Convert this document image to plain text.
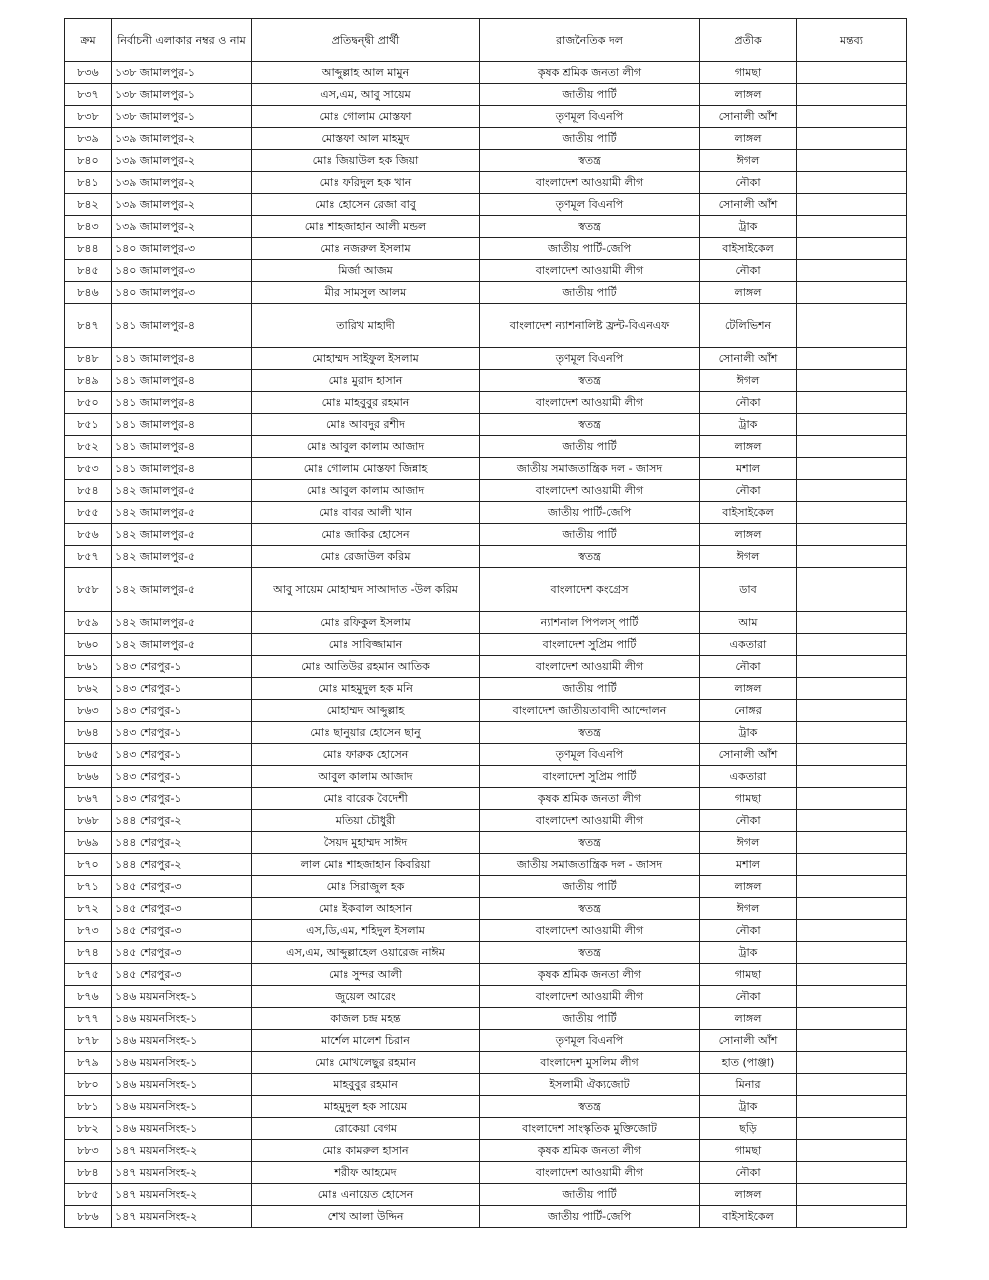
ক্রম	নির্বাচনী এলাকার নম্বর ও নাম	প্রতিদ্বন্দ্বী প্রার্থী	রাজনৈতিক দল	প্রতীক	মন্তব্য
৮৩৬	১৩৮ জামালপুর-১	আব্দুল্লাহ আল মামুন	কৃষক শ্রমিক জনতা লীগ	গামছা	
৮৩৭	১৩৮ জামালপুর-১	এস,এম, আবু সায়েম	জাতীয় পার্টি	লাঙ্গল	
৮৩৮	১৩৮ জামালপুর-১	মোঃ গোলাম মোস্তফা	তৃণমূল বিএনপি	সোনালী আঁশ	
৮৩৯	১৩৯ জামালপুর-২	মোস্তফা আল মাহমুদ	জাতীয় পার্টি	লাঙ্গল	
৮৪০	১৩৯ জামালপুর-২	মোঃ জিয়াউল হক জিয়া	স্বতন্ত্র	ঈগল	
৮৪১	১৩৯ জামালপুর-২	মোঃ ফরিদুল হক খান	বাংলাদেশ আওয়ামী লীগ	নৌকা	
৮৪২	১৩৯ জামালপুর-২	মোঃ হোসেন রেজা বাবু	তৃণমূল বিএনপি	সোনালী আঁশ	
৮৪৩	১৩৯ জামালপুর-২	মোঃ শাহজাহান আলী মন্ডল	স্বতন্ত্র	ট্রাক	
৮৪৪	১৪০ জামালপুর-৩	মোঃ নজরুল ইসলাম	জাতীয় পার্টি-জেপি	বাইসাইকেল	
৮৪৫	১৪০ জামালপুর-৩	মির্জা আজম	বাংলাদেশ আওয়ামী লীগ	নৌকা	
৮৪৬	১৪০ জামালপুর-৩	মীর সামসুল আলম	জাতীয় পার্টি	লাঙ্গল	
৮৪৭	১৪১ জামালপুর-৪	তারিখ মাহাদী	বাংলাদেশ ন্যাশনালিষ্ট ফ্রন্ট-বিএনএফ	টেলিভিশন	
৮৪৮	১৪১ জামালপুর-৪	মোহাম্মদ সাইফুল ইসলাম	তৃণমূল বিএনপি	সোনালী আঁশ	
৮৪৯	১৪১ জামালপুর-৪	মোঃ মুরাদ হাসান	স্বতন্ত্র	ঈগল	
৮৫০	১৪১ জামালপুর-৪	মোঃ মাহবুবুর রহমান	বাংলাদেশ আওয়ামী লীগ	নৌকা	
৮৫১	১৪১ জামালপুর-৪	মোঃ আবদুর রশীদ	স্বতন্ত্র	ট্রাক	
৮৫২	১৪১ জামালপুর-৪	মোঃ আবুল কালাম আজাদ	জাতীয় পার্টি	লাঙ্গল	
৮৫৩	১৪১ জামালপুর-৪	মোঃ গোলাম মোস্তফা জিন্নাহ	জাতীয় সমাজতান্ত্রিক দল - জাসদ	মশাল	
৮৫৪	১৪২ জামালপুর-৫	মোঃ আবুল কালাম আজাদ	বাংলাদেশ আওয়ামী লীগ	নৌকা	
৮৫৫	১৪২ জামালপুর-৫	মোঃ বাবর আলী খান	জাতীয় পার্টি-জেপি	বাইসাইকেল	
৮৫৬	১৪২ জামালপুর-৫	মোঃ জাকির হোসেন	জাতীয় পার্টি	লাঙ্গল	
৮৫৭	১৪২ জামালপুর-৫	মোঃ রেজাউল করিম	স্বতন্ত্র	ঈগল	
৮৫৮	১৪২ জামালপুর-৫	আবু সায়েম মোহাম্মদ সাআদাত -উল করিম	বাংলাদেশ কংগ্রেস	ডাব	
৮৫৯	১৪২ জামালপুর-৫	মোঃ রফিকুল ইসলাম	ন্যাশনাল পিপলস্ পার্টি	আম	
৮৬০	১৪২ জামালপুর-৫	মোঃ সাবিজ্জামান	বাংলাদেশ সুপ্রিম পার্টি	একতারা	
৮৬১	১৪৩ শেরপুর-১	মোঃ আতিউর রহমান আতিক	বাংলাদেশ আওয়ামী লীগ	নৌকা	
৮৬২	১৪৩ শেরপুর-১	মোঃ মাহমুদুল হক মনি	জাতীয় পার্টি	লাঙ্গল	
৮৬৩	১৪৩ শেরপুর-১	মোহাম্মদ আব্দুল্লাহ	বাংলাদেশ জাতীয়তাবাদী আন্দোলন	নোঙ্গর	
৮৬৪	১৪৩ শেরপুর-১	মোঃ ছানুয়ার হোসেন ছানু	স্বতন্ত্র	ট্রাক	
৮৬৫	১৪৩ শেরপুর-১	মোঃ ফারুক হোসেন	তৃণমূল বিএনপি	সোনালী আঁশ	
৮৬৬	১৪৩ শেরপুর-১	আবুল কালাম আজাদ	বাংলাদেশ সুপ্রিম পার্টি	একতারা	
৮৬৭	১৪৩ শেরপুর-১	মোঃ বারেক বৈদেশী	কৃষক শ্রমিক জনতা লীগ	গামছা	
৮৬৮	১৪৪ শেরপুর-২	মতিয়া চৌধুরী	বাংলাদেশ আওয়ামী লীগ	নৌকা	
৮৬৯	১৪৪ শেরপুর-২	সৈয়দ মুহাম্মদ সাঈদ	স্বতন্ত্র	ঈগল	
৮৭০	১৪৪ শেরপুর-২	লাল মোঃ শাহজাহান কিবরিয়া	জাতীয় সমাজতান্ত্রিক দল - জাসদ	মশাল	
৮৭১	১৪৫ শেরপুর-৩	মোঃ সিরাজুল হক	জাতীয় পার্টি	লাঙ্গল	
৮৭২	১৪৫ শেরপুর-৩	মোঃ ইকবাল আহসান	স্বতন্ত্র	ঈগল	
৮৭৩	১৪৫ শেরপুর-৩	এস,ডি,এম, শহিদুল ইসলাম	বাংলাদেশ আওয়ামী লীগ	নৌকা	
৮৭৪	১৪৫ শেরপুর-৩	এস,এম, আব্দুল্লাহেল ওয়ারেজ নাঈম	স্বতন্ত্র	ট্রাক	
৮৭৫	১৪৫ শেরপুর-৩	মোঃ সুন্দর আলী	কৃষক শ্রমিক জনতা লীগ	গামছা	
৮৭৬	১৪৬ ময়মনসিংহ-১	জুয়েল আরেং	বাংলাদেশ আওয়ামী লীগ	নৌকা	
৮৭৭	১৪৬ ময়মনসিংহ-১	কাজল চন্দ্র মহন্ত	জাতীয় পার্টি	লাঙ্গল	
৮৭৮	১৪৬ ময়মনসিংহ-১	মার্শেল মালেশ চিরান	তৃণমূল বিএনপি	সোনালী আঁশ	
৮৭৯	১৪৬ ময়মনসিংহ-১	মোঃ মোখলেছুর রহমান	বাংলাদেশ মুসলিম লীগ	হাত (পাঞ্জা)	
৮৮০	১৪৬ ময়মনসিংহ-১	মাহবুবুর রহমান	ইসলামী ঐক্যজোট	মিনার	
৮৮১	১৪৬ ময়মনসিংহ-১	মাহমুদুল হক সায়েম	স্বতন্ত্র	ট্রাক	
৮৮২	১৪৬ ময়মনসিংহ-১	রোকেয়া বেগম	বাংলাদেশ সাংস্কৃতিক মুক্তিজোট	ছড়ি	
৮৮৩	১৪৭ ময়মনসিংহ-২	মোঃ কামরুল হাসান	কৃষক শ্রমিক জনতা লীগ	গামছা	
৮৮৪	১৪৭ ময়মনসিংহ-২	শরীফ আহমেদ	বাংলাদেশ আওয়ামী লীগ	নৌকা	
৮৮৫	১৪৭ ময়মনসিংহ-২	মোঃ এনায়েত হোসেন	জাতীয় পার্টি	লাঙ্গল	
৮৮৬	১৪৭ ময়মনসিংহ-২	শেখ আলা উদ্দিন	জাতীয় পার্টি-জেপি	বাইসাইকেল	
